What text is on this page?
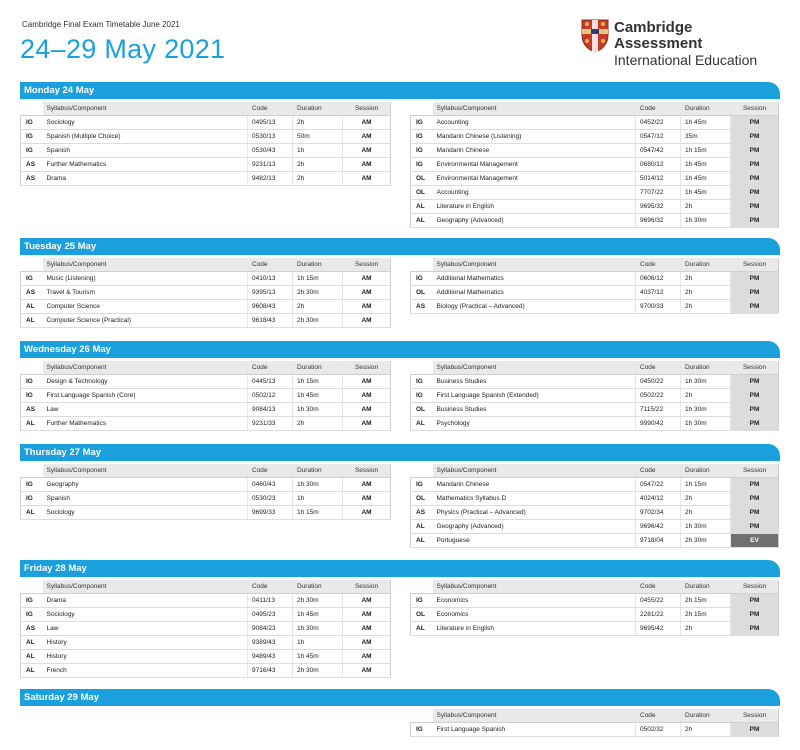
Cambridge Final Exam Timetable June 2021
24–29 May 2021
Cambridge Assessment
International Education
Monday 24 May
	Syllabus/Component	Code	Duration	Session
IG	Sociology	0495/13	2h	AM
IG	Spanish (Multiple Choice)	0530/13	50m	AM
IG	Spanish	0530/43	1h	AM
AS	Further Mathematics	9231/13	2h	AM
AS	Drama	9482/13	2h	AM
	Syllabus/Component	Code	Duration	Session
IG	Accounting	0452/22	1h 45m	PM
IG	Mandarin Chinese (Listening)	0547/12	35m	PM
IG	Mandarin Chinese	0547/42	1h 15m	PM
IG	Environmental Management	0680/12	1h 45m	PM
OL	Environmental Management	5014/12	1h 45m	PM
OL	Accounting	7707/22	1h 45m	PM
AL	Literature in English	9695/32	2h	PM
AL	Geography (Advanced)	9696/32	1h 30m	PM
Tuesday 25 May
	Syllabus/Component	Code	Duration	Session
IG	Music (Listening)	0410/13	1h 15m	AM
AS	Travel & Tourism	9395/13	2h 30m	AM
AL	Computer Science	9608/43	2h	AM
AL	Computer Science (Practical)	9618/43	2h 30m	AM
	Syllabus/Component	Code	Duration	Session
IG	Additional Mathematics	0606/12	2h	PM
OL	Additional Mathematics	4037/12	2h	PM
AS	Biology (Practical – Advanced)	9700/33	2h	PM
Wednesday 26 May
	Syllabus/Component	Code	Duration	Session
IG	Design & Technology	0445/13	1h 15m	AM
IG	First Language Spanish (Core)	0502/12	1h 45m	AM
AS	Law	9084/13	1h 30m	AM
AL	Further Mathematics	9231/33	2h	AM
	Syllabus/Component	Code	Duration	Session
IG	Business Studies	0450/22	1h 30m	PM
IG	First Language Spanish (Extended)	0502/22	2h	PM
OL	Business Studies	7115/22	1h 30m	PM
AL	Psychology	9990/42	1h 30m	PM
Thursday 27 May
	Syllabus/Component	Code	Duration	Session
IG	Geography	0460/43	1h 30m	AM
IG	Spanish	0530/23	1h	AM
AL	Sociology	9699/33	1h 15m	AM
	Syllabus/Component	Code	Duration	Session
IG	Mandarin Chinese	0547/22	1h 15m	PM
OL	Mathematics Syllabus D	4024/12	2h	PM
AS	Physics (Practical – Advanced)	9702/34	2h	PM
AL	Geography (Advanced)	9696/42	1h 30m	PM
AL	Portuguese	9718/04	2h 30m	EV
Friday 28 May
	Syllabus/Component	Code	Duration	Session
IG	Drama	0411/13	2h 30m	AM
IG	Sociology	0495/23	1h 45m	AM
AS	Law	9084/23	1h 30m	AM
AL	History	9389/43	1h	AM
AL	History	9489/43	1h 45m	AM
AL	French	9716/43	2h 30m	AM
	Syllabus/Component	Code	Duration	Session
IG	Economics	0455/22	2h 15m	PM
OL	Economics	2281/22	2h 15m	PM
AL	Literature in English	9695/42	2h	PM
Saturday 29 May
	Syllabus/Component	Code	Duration	Session
IG	First Language Spanish	0502/32	2h	PM
